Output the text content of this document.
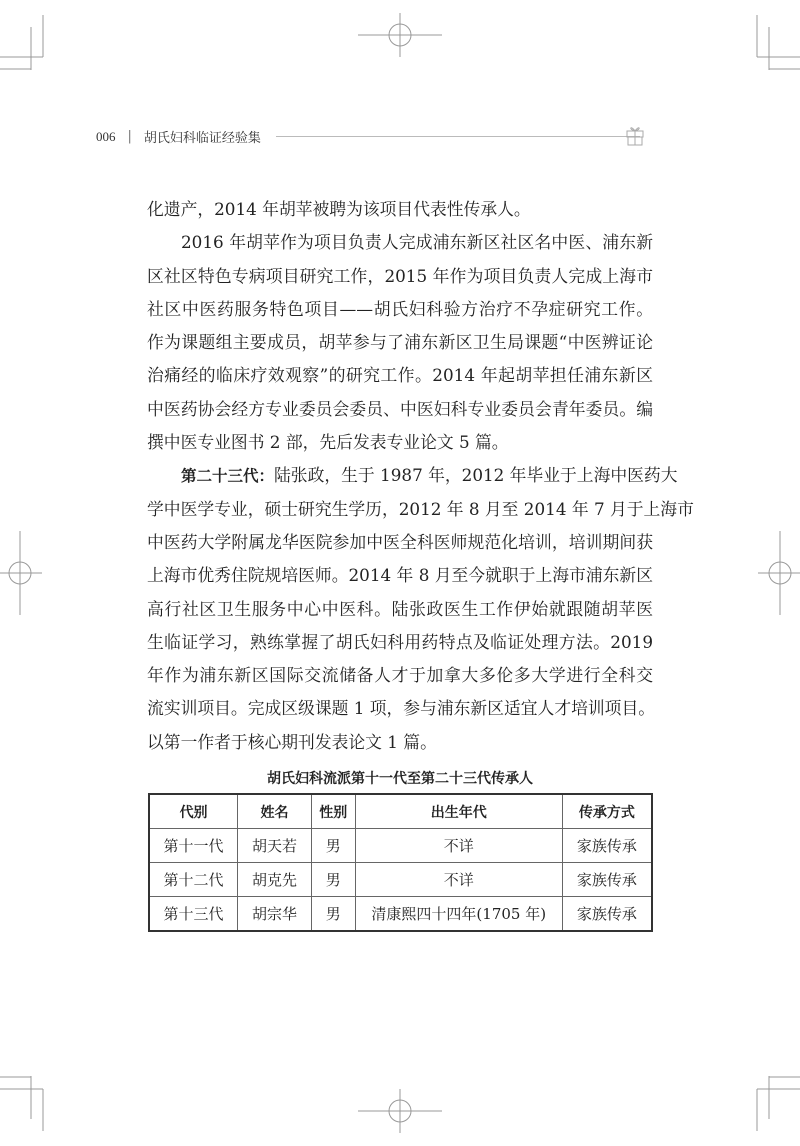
006 | 胡氏妇科临证经验集
化遗产，2014 年胡苹被聘为该项目代表性传承人。
2016 年胡苹作为项目负责人完成浦东新区社区名中医、浦东新
区社区特色专病项目研究工作，2015 年作为项目负责人完成上海市
社区中医药服务特色项目——胡氏妇科验方治疗不孕症研究工作。
作为课题组主要成员，胡苹参与了浦东新区卫生局课题“中医辨证论
治痛经的临床疗效观察”的研究工作。2014 年起胡苹担任浦东新区
中医药协会经方专业委员会委员、中医妇科专业委员会青年委员。编
撰中医专业图书 2 部，先后发表专业论文 5 篇。
第二十三代：陆张政，生于 1987 年，2012 年毕业于上海中医药大
学中医学专业，硕士研究生学历，2012 年 8 月至 2014 年 7 月于上海市
中医药大学附属龙华医院参加中医全科医师规范化培训，培训期间获
上海市优秀住院规培医师。2014 年 8 月至今就职于上海市浦东新区
高行社区卫生服务中心中医科。陆张政医生工作伊始就跟随胡苹医
生临证学习，熟练掌握了胡氏妇科用药特点及临证处理方法。2019
年作为浦东新区国际交流储备人才于加拿大多伦多大学进行全科交
流实训项目。完成区级课题 1 项，参与浦东新区适宜人才培训项目。
以第一作者于核心期刊发表论文 1 篇。
胡氏妇科流派第十一代至第二十三代传承人
代别	姓名	性别	出生年代	传承方式
第十一代	胡天若	男	不详	家族传承
第十二代	胡克先	男	不详	家族传承
第十三代	胡宗华	男	清康熙四十四年(1705 年)	家族传承
